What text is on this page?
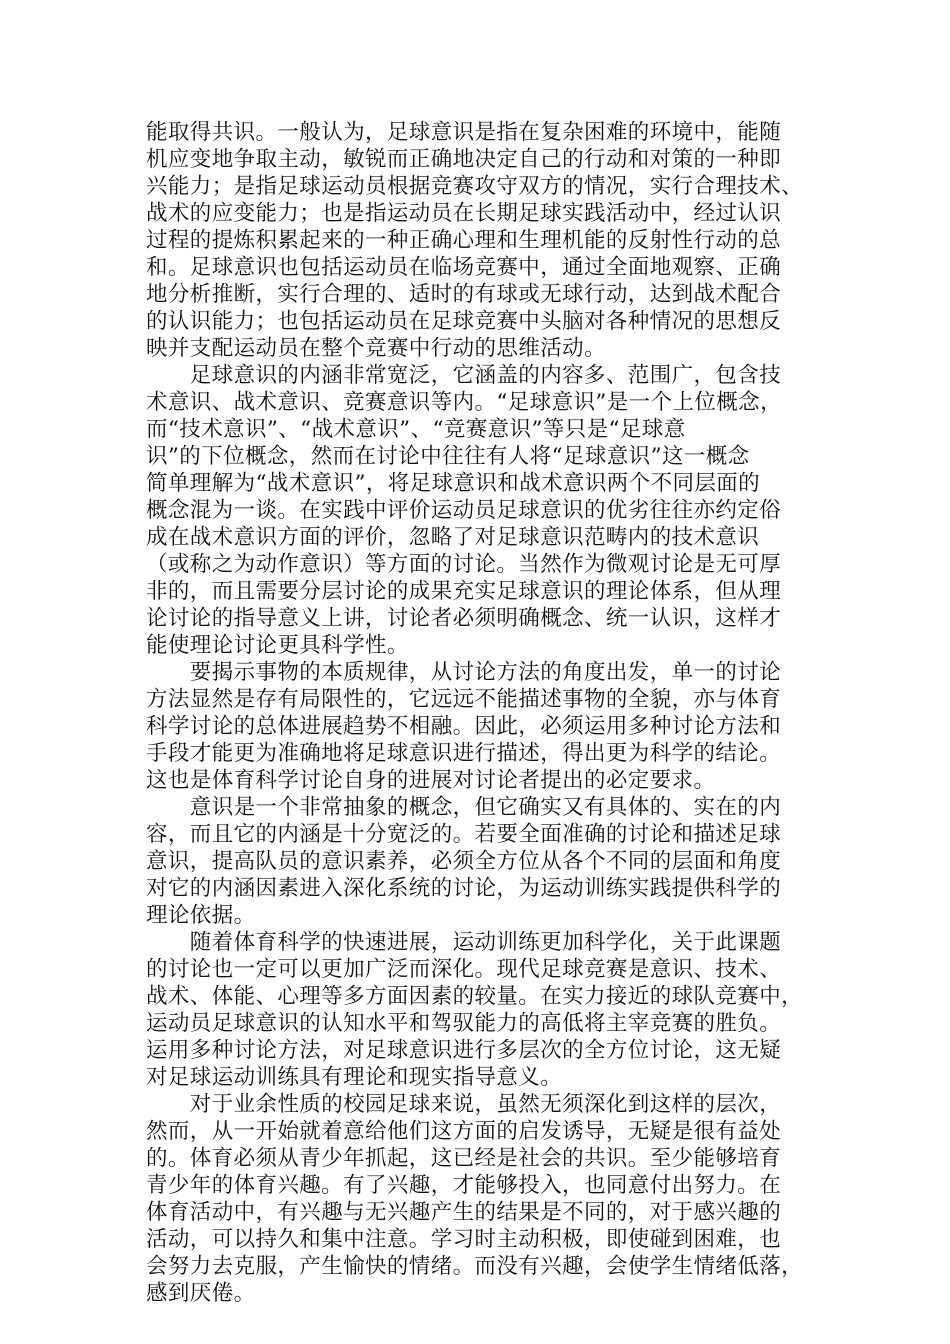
能取得共识。一般认为，足球意识是指在复杂困难的环境中，能随
机应变地争取主动，敏锐而正确地决定自己的行动和对策的一种即
兴能力；是指足球运动员根据竞赛攻守双方的情况，实行合理技术、
战术的应变能力；也是指运动员在长期足球实践活动中，经过认识
过程的提炼积累起来的一种正确心理和生理机能的反射性行动的总
和。足球意识也包括运动员在临场竞赛中，通过全面地观察、正确
地分析推断，实行合理的、适时的有球或无球行动，达到战术配合
的认识能力；也包括运动员在足球竞赛中头脑对各种情况的思想反
映并支配运动员在整个竞赛中行动的思维活动。
　　足球意识的内涵非常宽泛，它涵盖的内容多、范围广，包含技
术意识、战术意识、竞赛意识等内。“足球意识”是一个上位概念，
而“技术意识”、“战术意识”、“竞赛意识”等只是“足球意
识”的下位概念，然而在讨论中往往有人将“足球意识”这一概念
简单理解为“战术意识”，将足球意识和战术意识两个不同层面的
概念混为一谈。在实践中评价运动员足球意识的优劣往往亦约定俗
成在战术意识方面的评价，忽略了对足球意识范畴内的技术意识
（或称之为动作意识）等方面的讨论。当然作为微观讨论是无可厚
非的，而且需要分层讨论的成果充实足球意识的理论体系，但从理
论讨论的指导意义上讲，讨论者必须明确概念、统一认识，这样才
能使理论讨论更具科学性。
　　要揭示事物的本质规律，从讨论方法的角度出发，单一的讨论
方法显然是存有局限性的，它远远不能描述事物的全貌，亦与体育
科学讨论的总体进展趋势不相融。因此，必须运用多种讨论方法和
手段才能更为准确地将足球意识进行描述，得出更为科学的结论。
这也是体育科学讨论自身的进展对讨论者提出的必定要求。
　　意识是一个非常抽象的概念，但它确实又有具体的、实在的内
容，而且它的内涵是十分宽泛的。若要全面准确的讨论和描述足球
意识，提高队员的意识素养，必须全方位从各个不同的层面和角度
对它的内涵因素进入深化系统的讨论，为运动训练实践提供科学的
理论依据。
　　随着体育科学的快速进展，运动训练更加科学化，关于此课题
的讨论也一定可以更加广泛而深化。现代足球竞赛是意识、技术、
战术、体能、心理等多方面因素的较量。在实力接近的球队竞赛中，
运动员足球意识的认知水平和驾驭能力的高低将主宰竞赛的胜负。
运用多种讨论方法，对足球意识进行多层次的全方位讨论，这无疑
对足球运动训练具有理论和现实指导意义。
　　对于业余性质的校园足球来说，虽然无须深化到这样的层次，
然而，从一开始就着意给他们这方面的启发诱导，无疑是很有益处
的。体育必须从青少年抓起，这已经是社会的共识。至少能够培育
青少年的体育兴趣。有了兴趣，才能够投入，也同意付出努力。在
体育活动中，有兴趣与无兴趣产生的结果是不同的，对于感兴趣的
活动，可以持久和集中注意。学习时主动积极，即使碰到困难，也
会努力去克服，产生愉快的情绪。而没有兴趣，会使学生情绪低落，
感到厌倦。
